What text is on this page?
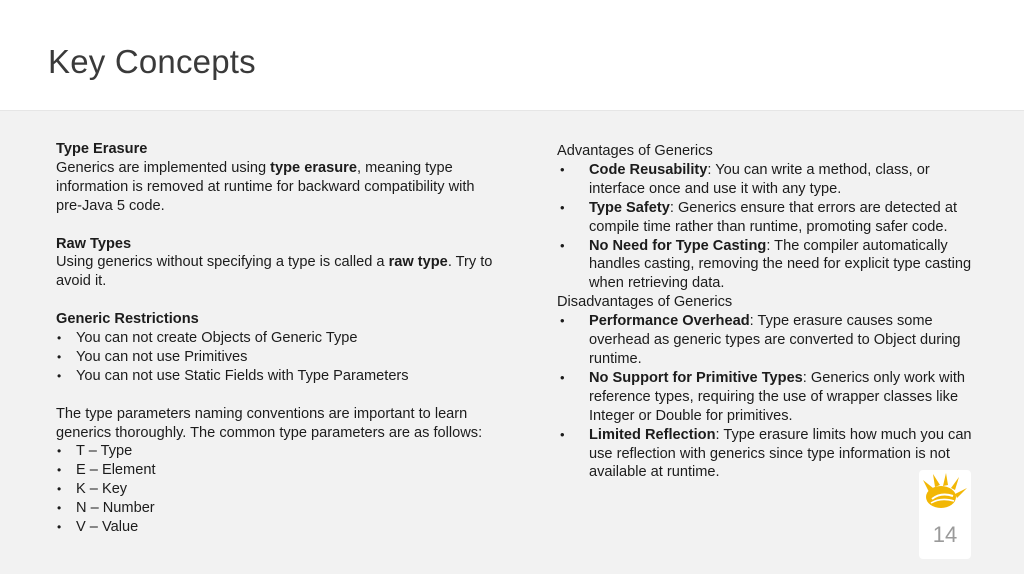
Key Concepts
Type Erasure

Generics are implemented using type erasure, meaning type information is removed at runtime for backward compatibility with pre-Java 5 code.

Raw Types

Using generics without specifying a type is called a raw type. Try to avoid it.

Generic Restrictions
• You can not create Objects of Generic Type
• You can not use Primitives
• You can not use Static Fields with Type Parameters

The type parameters naming conventions are important to learn generics thoroughly. The common type parameters are as follows:

• T – Type
• E – Element
• K – Key
• N – Number
• V – Value
Advantages of Generics
• Code Reusability: You can write a method, class, or interface once and use it with any type.
• Type Safety: Generics ensure that errors are detected at compile time rather than runtime, promoting safer code.
• No Need for Type Casting: The compiler automatically handles casting, removing the need for explicit type casting when retrieving data.
Disadvantages of Generics
• Performance Overhead: Type erasure causes some overhead as generic types are converted to Object during runtime.
• No Support for Primitive Types: Generics only work with reference types, requiring the use of wrapper classes like Integer or Double for primitives.
• Limited Reflection: Type erasure limits how much you can use reflection with generics since type information is not available at runtime.
14
